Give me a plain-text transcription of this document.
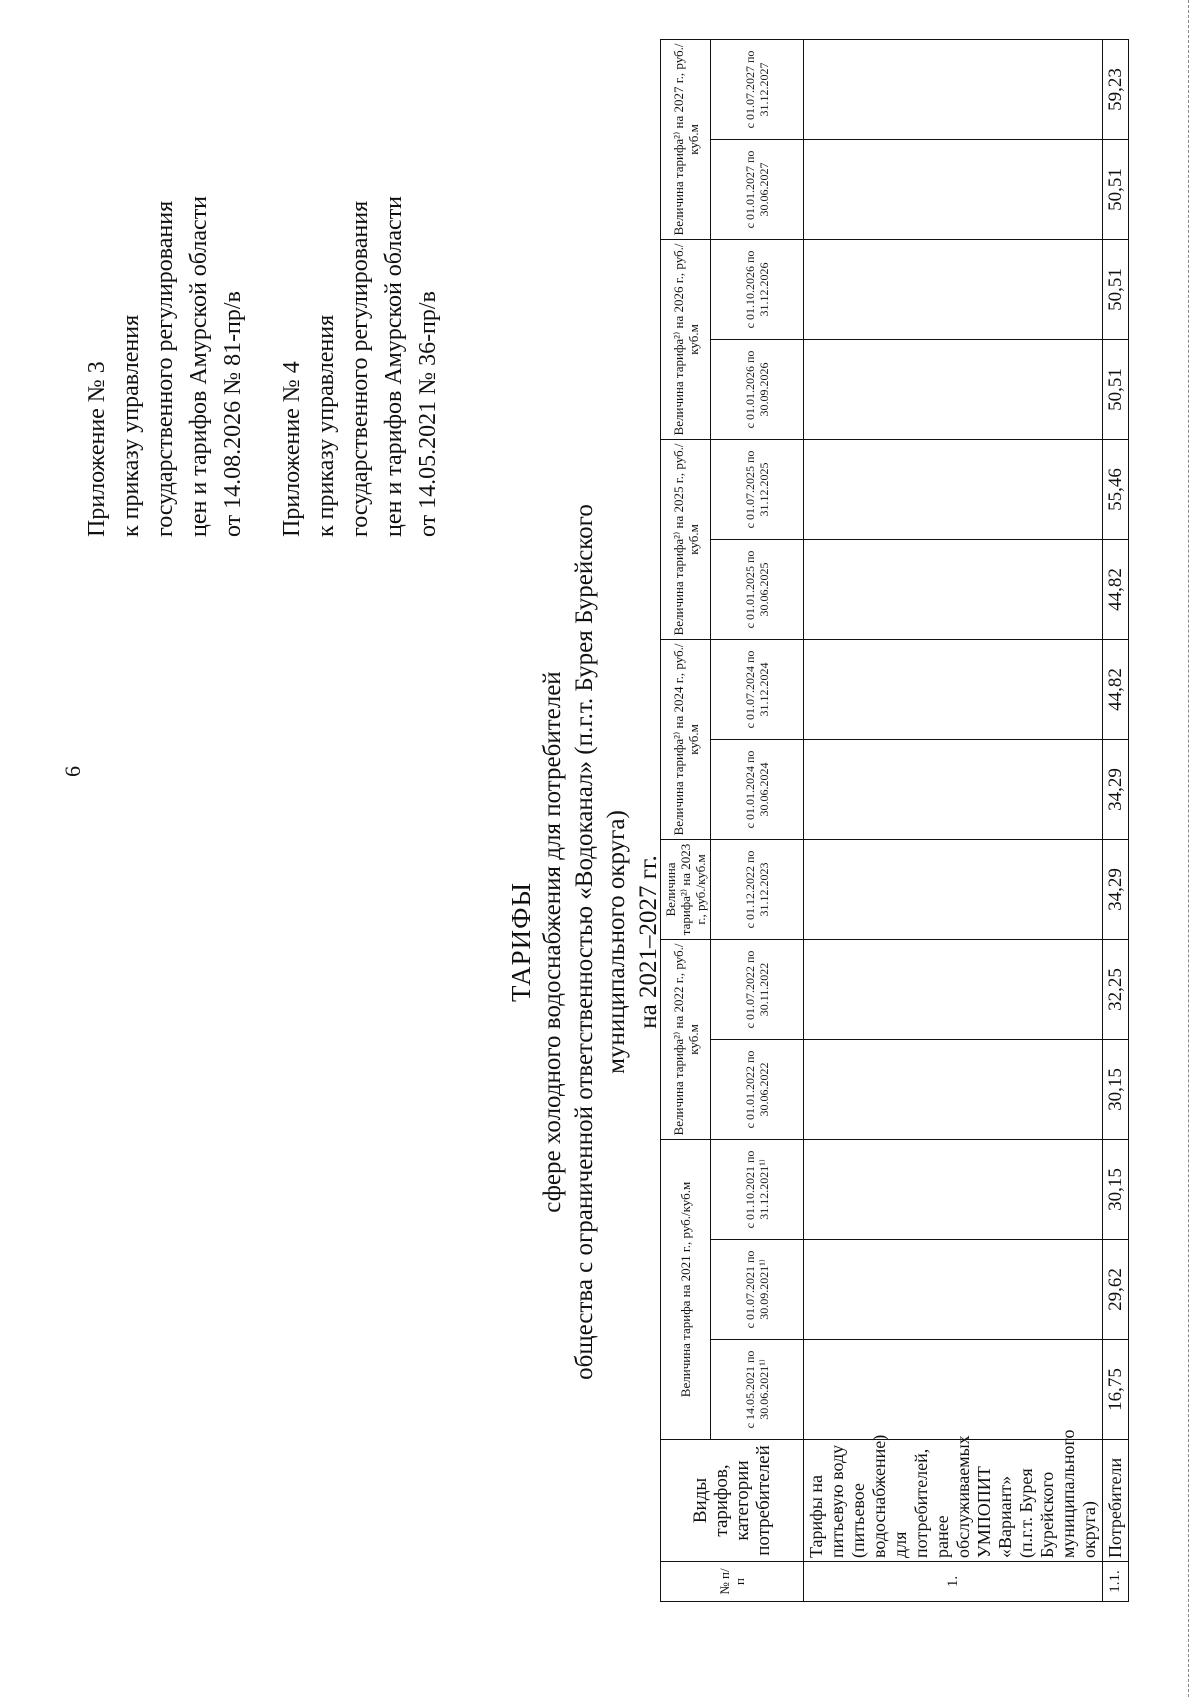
6
Приложение № 3 к приказу управления государственного регулирования цен и тарифов Амурской области от 14.08.2026 № 81-пр/в Приложение № 4 к приказу управления государственного регулирования цен и тарифов Амурской области от 14.05.2021 № 36-пр/в
ТАРИФЫ сфере холодного водоснабжения для потребителей общества с ограниченной ответственностью «Водоканал» (п.г.т. Бурея Бурейского муниципального округа) на 2021–2027 гг.
№ п/п	Виды тарифов, категории потребителей	Величина тарифа на 2021 г., руб./куб.м			Величина тарифа²⁾ на 2022 г., руб./куб.м		Величина тарифа²⁾ на 2023 г., руб./куб.м	Величина тарифа²⁾ на 2024 г., руб./куб.м		Величина тарифа²⁾ на 2025 г., руб./куб.м		Величина тарифа²⁾ на 2026 г., руб./куб.м		Величина тарифа²⁾ на 2027 г., руб./куб.м	
		с 14.05.2021 по 30.06.2021¹⁾	с 01.07.2021 по 30.09.2021¹⁾	с 01.10.2021 по 31.12.2021¹⁾	с 01.01.2022 по 30.06.2022	с 01.07.2022 по 30.11.2022	с 01.12.2022 по 31.12.2023	с 01.01.2024 по 30.06.2024	с 01.07.2024 по 31.12.2024	с 01.01.2025 по 30.06.2025	с 01.07.2025 по 31.12.2025	с 01.01.2026 по 30.09.2026	с 01.10.2026 по 31.12.2026	с 01.01.2027 по 30.06.2027	с 01.07.2027 по 31.12.2027
1.	Тарифы на питьевую воду (питьевое водоснабжение) для потребителей, ранее обслуживаемых УМПОПИТ «Вариант» (п.г.т. Бурея Бурейского муниципального округа)														
1.1.	Потребители	16,75	29,62	30,15	30,15	32,25	34,29	34,29	44,82	44,82	55,46	50,51	50,51	50,51	59,23
